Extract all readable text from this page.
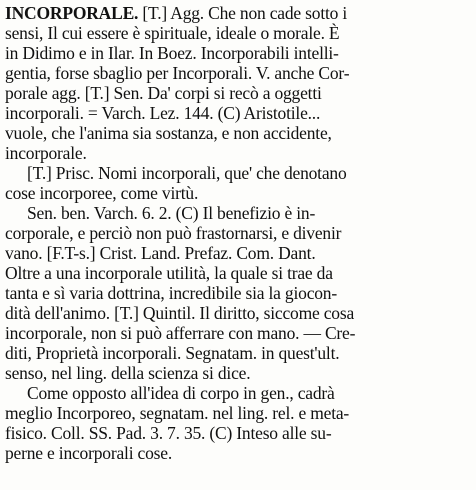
INCORPORALE. [T.] Agg. Che non cade sotto i
sensi, Il cui essere è spirituale, ideale o morale. È
in Didimo e in Ilar. In Boez. Incorporabili intelli-
gentia, forse sbaglio per Incorporali. V. anche Cor-
porale agg. [T.] Sen. Da' corpi si recò a oggetti
incorporali. = Varch. Lez. 144. (C) Aristotile...
vuole, che l'anima sia sostanza, e non accidente,
incorporale.
[T.] Prisc. Nomi incorporali, que' che denotano
cose incorporee, come virtù.
Sen. ben. Varch. 6. 2. (C) Il benefizio è in-
corporale, e perciò non può frastornarsi, e divenir
vano. [F.T-s.] Crist. Land. Prefaz. Com. Dant.
Oltre a una incorporale utilità, la quale si trae da
tanta e sì varia dottrina, incredibile sia la giocon-
dità dell'animo. [T.] Quintil. Il diritto, siccome cosa
incorporale, non si può afferrare con mano. — Cre-
diti, Proprietà incorporali. Segnatam. in quest'ult.
senso, nel ling. della scienza si dice.
Come opposto all'idea di corpo in gen., cadrà
meglio Incorporeo, segnatam. nel ling. rel. e meta-
fisico. Coll. SS. Pad. 3. 7. 35. (C) Inteso alle su-
perne e incorporali cose.
